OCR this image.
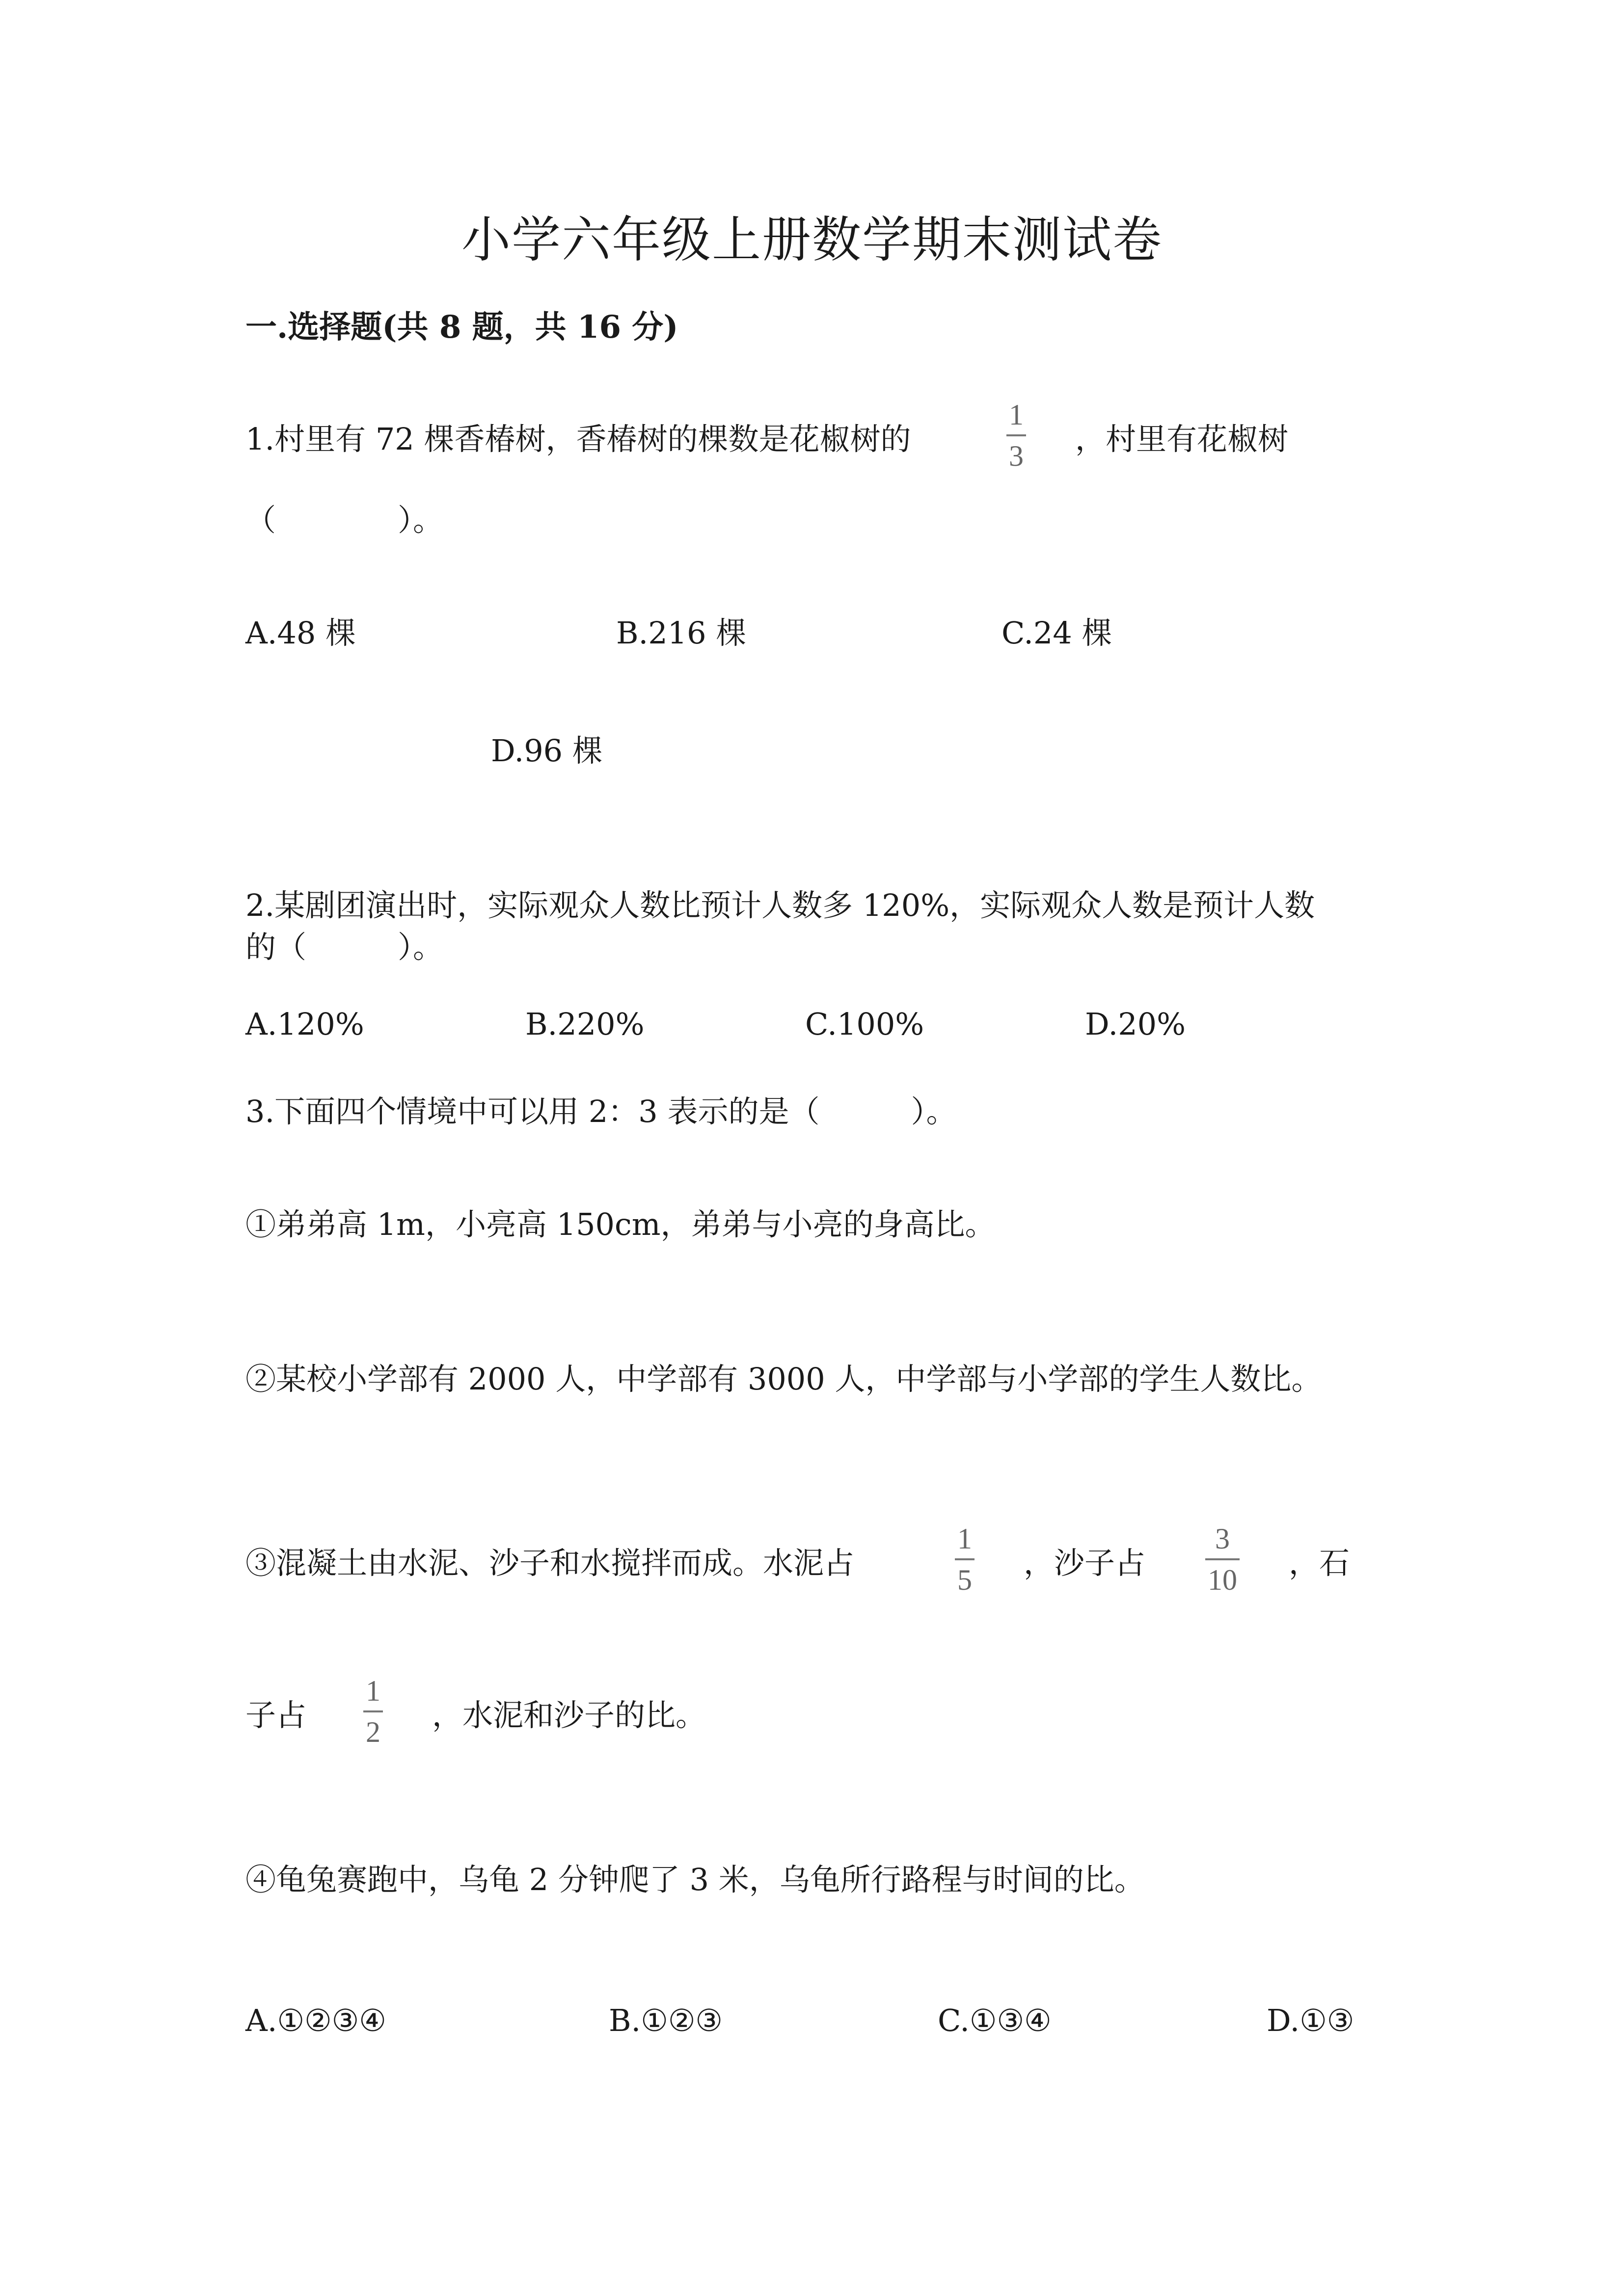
小学六年级上册数学期末测试卷
一.选择题(共 8 题，共 16 分)
1.村里有 72 棵香椿树，香椿树的棵数是花椒树的
1
3 ，村里有花椒树
（　　　　）。
A.48 棵	B.216 棵	C.24 棵
D.96 棵
2.某剧团演出时，实际观众人数比预计人数多 120%，实际观众人数是预计人数
的（　　　）。
A.120%	B.220%	C.100%	D.20%
3.下面四个情境中可以用 2：3 表示的是（　　　）。
①弟弟高 1m，小亮高 150cm，弟弟与小亮的身高比。
②某校小学部有 2000 人，中学部有 3000 人，中学部与小学部的学生人数比。
③混凝土由水泥、沙子和水搅拌而成。水泥占
1
5 ，沙子占
3
10 ，石
子占
1
2 ，水泥和沙子的比。
④龟兔赛跑中，乌龟 2 分钟爬了 3 米，乌龟所行路程与时间的比。
A.①②③④	B.①②③	C.①③④	D.①③
